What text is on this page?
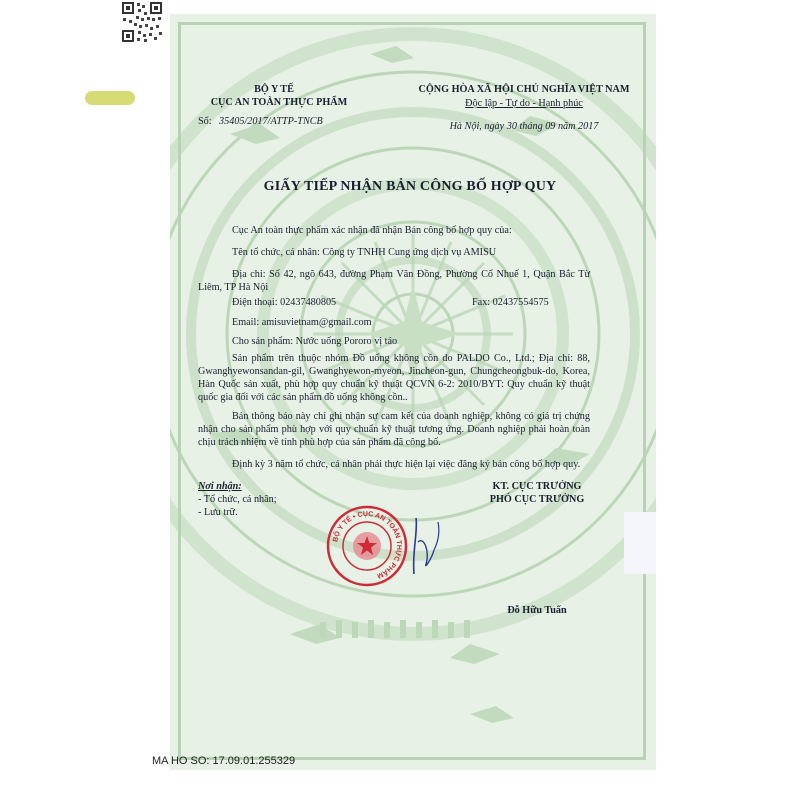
BỘ Y TẾ
CỤC AN TOÀN THỰC PHẨM
Số: 35405/2017/ATTP-TNCB
CỘNG HÒA XÃ HỘI CHỦ NGHĨA VIỆT NAM
Độc lập - Tự do - Hạnh phúc
Hà Nội, ngày 30 tháng 09 năm 2017
GIẤY TIẾP NHẬN BẢN CÔNG BỐ HỢP QUY
Cục An toàn thực phẩm xác nhận đã nhận Bản công bố hợp quy của:
Tên tổ chức, cá nhân: Công ty TNHH Cung ứng dịch vụ AMISU
Địa chỉ: Số 42, ngõ 643, đường Phạm Văn Đồng, Phường Cổ Nhuế 1, Quận Bắc Từ Liêm, TP Hà Nội
Điện thoại: 02437480805	Fax: 02437554575
Email: amisuvietnam@gmail.com
Cho sản phẩm: Nước uống Pororo vị táo
Sản phẩm trên thuộc nhóm Đồ uống không cồn do PALDO Co., Ltd.; Địa chỉ: 88, Gwanghyewonsandan-gil, Gwanghyewon-myeon, Jincheon-gun, Chungcheongbuk-do, Korea, Hàn Quốc sản xuất, phù hợp quy chuẩn kỹ thuật QCVN 6-2: 2010/BYT: Quy chuẩn kỹ thuật quốc gia đối với các sản phẩm đồ uống không cồn..
Bản thông báo này chỉ ghi nhận sự cam kết của doanh nghiệp, không có giá trị chứng nhận cho sản phẩm phù hợp với quy chuẩn kỹ thuật tương ứng. Doanh nghiệp phải hoàn toàn chịu trách nhiệm về tính phù hợp của sản phẩm đã công bố.
Định kỳ 3 năm tổ chức, cá nhân phải thực hiện lại việc đăng ký bản công bố hợp quy.
Nơi nhận:
- Tổ chức, cá nhân;
- Lưu trữ.
KT. CỤC TRƯỞNG
PHÓ CỤC TRƯỞNG
BỘ Y TẾ • CỤC AN TOÀN THỰC PHẨM
Đỗ Hữu Tuấn
MA HO SO: 17.09.01.255329
